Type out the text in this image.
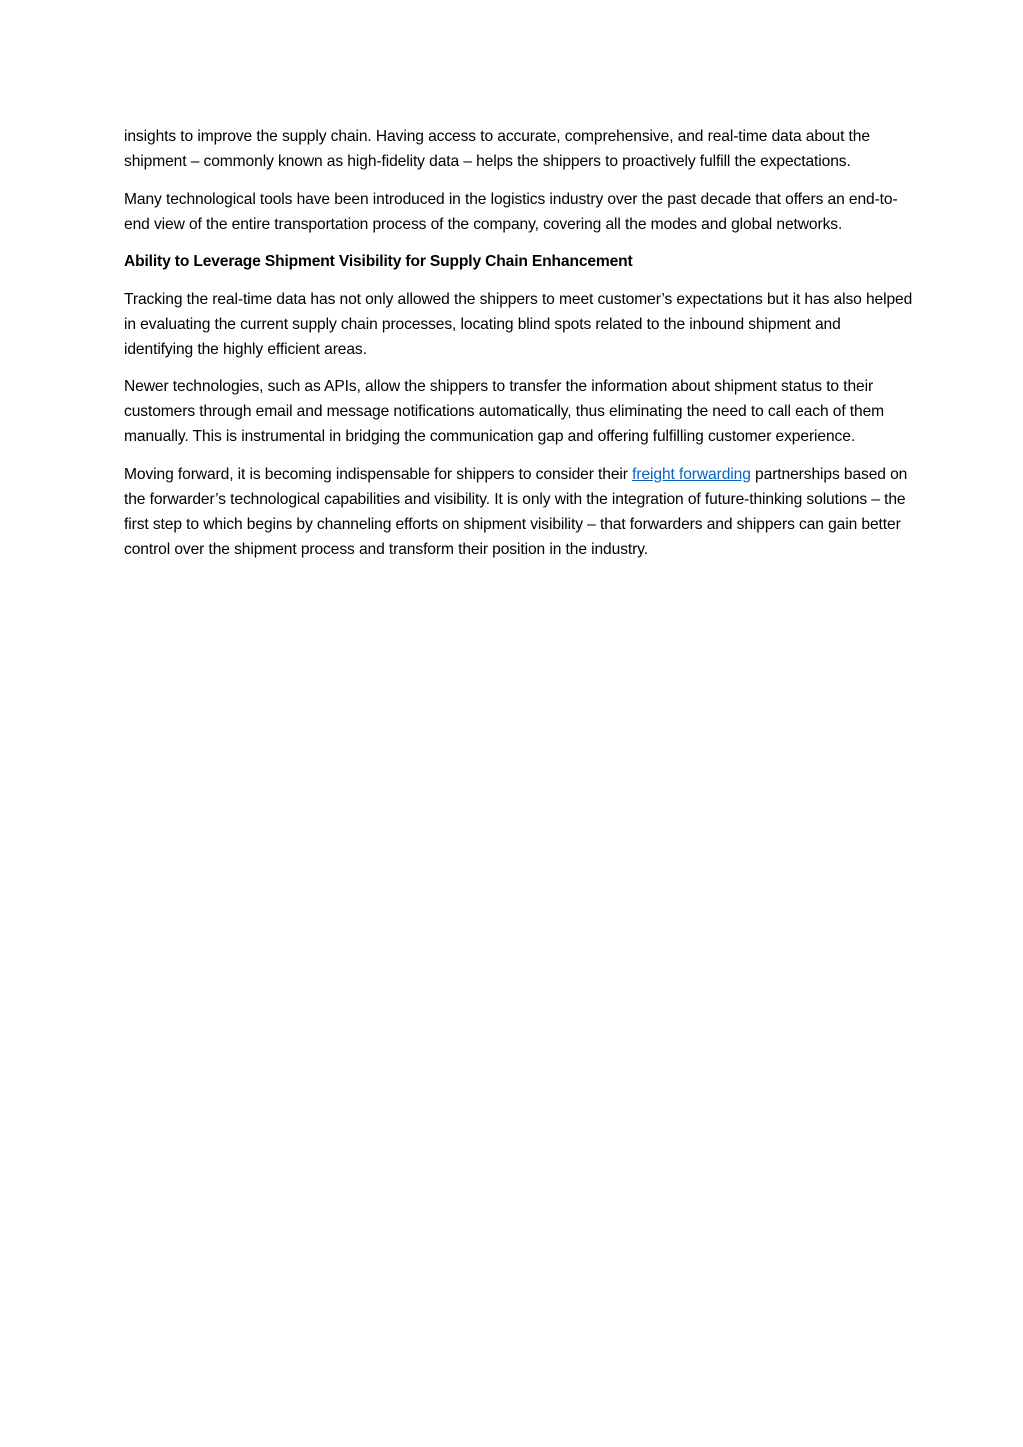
insights to improve the supply chain. Having access to accurate, comprehensive, and real-time data about the shipment – commonly known as high-fidelity data – helps the shippers to proactively fulfill the expectations.

Many technological tools have been introduced in the logistics industry over the past decade that offers an end-to-end view of the entire transportation process of the company, covering all the modes and global networks.

Ability to Leverage Shipment Visibility for Supply Chain Enhancement

Tracking the real-time data has not only allowed the shippers to meet customer’s expectations but it has also helped in evaluating the current supply chain processes, locating blind spots related to the inbound shipment and identifying the highly efficient areas.

Newer technologies, such as APIs, allow the shippers to transfer the information about shipment status to their customers through email and message notifications automatically, thus eliminating the need to call each of them manually. This is instrumental in bridging the communication gap and offering fulfilling customer experience.

Moving forward, it is becoming indispensable for shippers to consider their freight forwarding partnerships based on the forwarder’s technological capabilities and visibility. It is only with the integration of future-thinking solutions – the first step to which begins by channeling efforts on shipment visibility – that forwarders and shippers can gain better control over the shipment process and transform their position in the industry.
